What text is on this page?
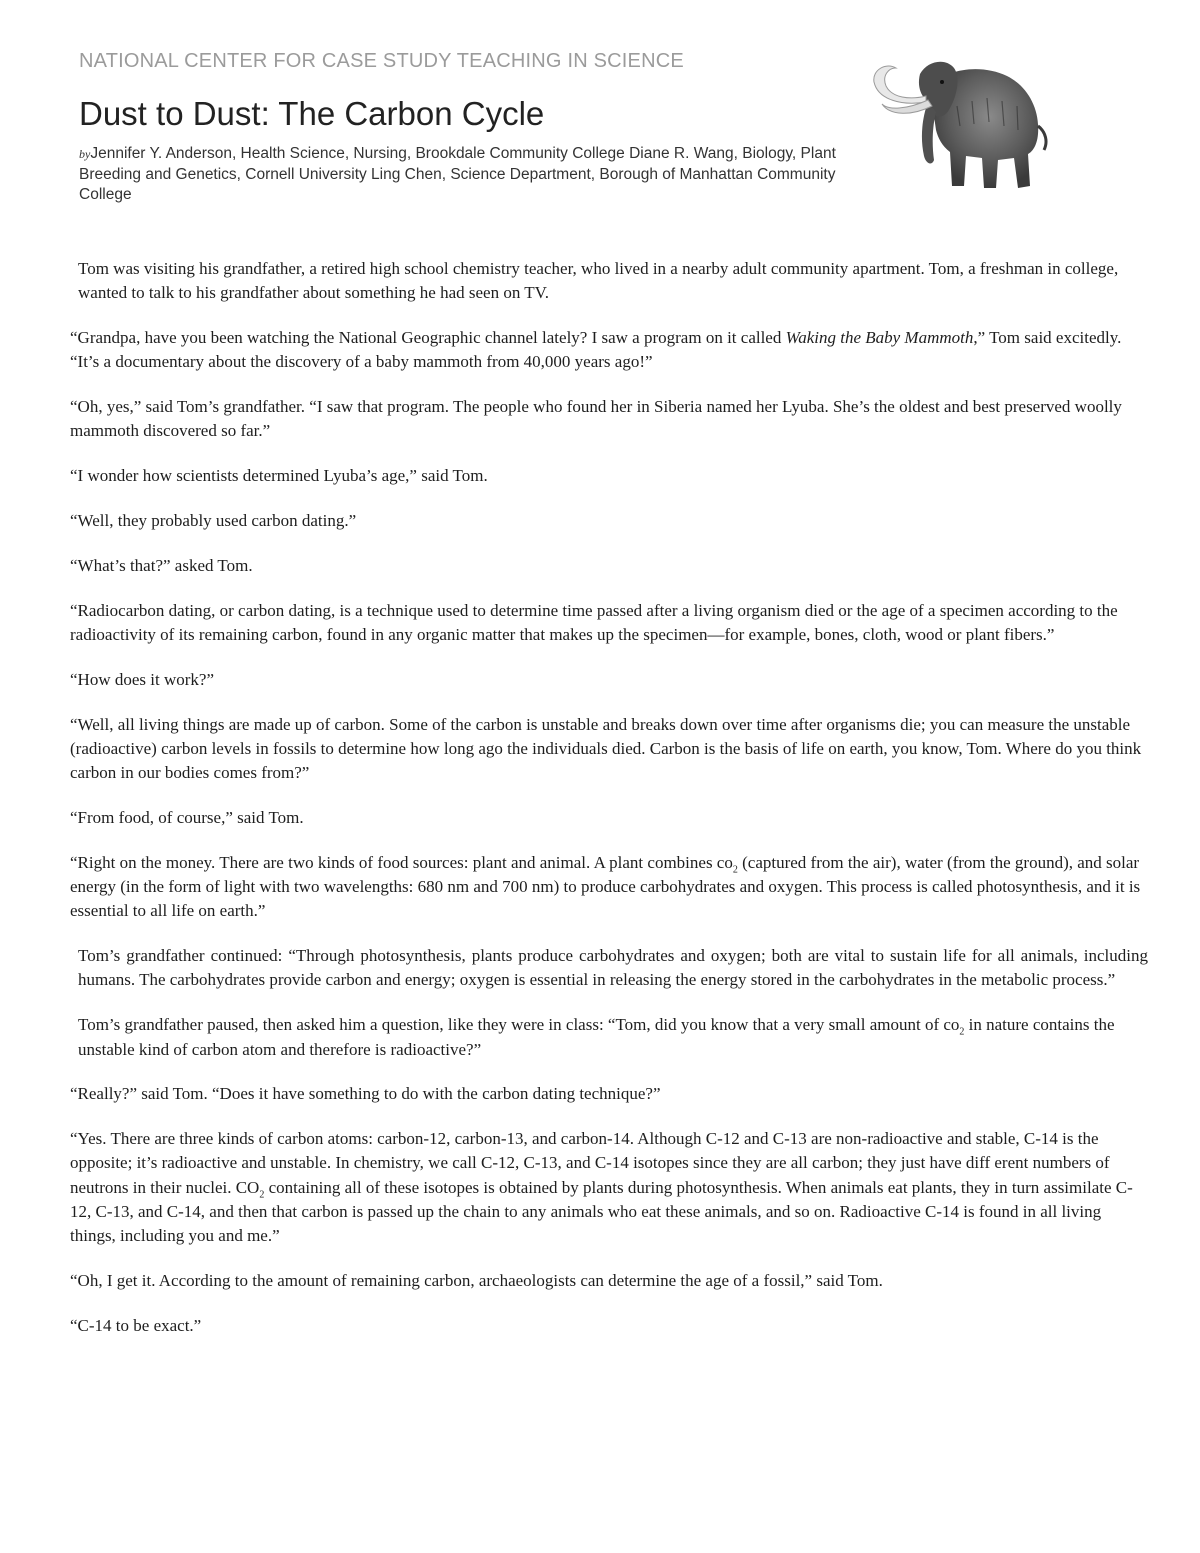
NATIONAL CENTER FOR CASE STUDY TEACHING IN SCIENCE

Dust to Dust: The Carbon Cycle
byJennifer Y. Anderson, Health Science, Nursing, Brookdale Community College Diane R. Wang, Biology, Plant Breeding and Genetics, Cornell University Ling Chen, Science Department, Borough of Manhattan Community College

Tom was visiting his grandfather, a retired high school chemistry teacher, who lived in a nearby adult community apartment. Tom, a freshman in college, wanted to talk to his grandfather about something he had seen on TV.

“Grandpa, have you been watching the National Geographic channel lately? I saw a program on it called Waking the Baby Mammoth,” Tom said excitedly. “It’s a documentary about the discovery of a baby mammoth from 40,000 years ago!”

“Oh, yes,” said Tom’s grandfather. “I saw that program. The people who found her in Siberia named her Lyuba. She’s the oldest and best preserved woolly mammoth discovered so far.”

“I wonder how scientists determined Lyuba’s age,” said Tom.

“Well, they probably used carbon dating.”

“What’s that?” asked Tom.

“Radiocarbon dating, or carbon dating, is a technique used to determine time passed after a living organism died or the age of a specimen according to the radioactivity of its remaining carbon, found in any organic matter that makes up the specimen—for example, bones, cloth, wood or plant fibers.”

“How does it work?”

“Well, all living things are made up of carbon. Some of the carbon is unstable and breaks down over time after organisms die; you can measure the unstable (radioactive) carbon levels in fossils to determine how long ago the individuals died. Carbon is the basis of life on earth, you know, Tom. Where do you think carbon in our bodies comes from?”

“From food, of course,” said Tom.

“Right on the money. There are two kinds of food sources: plant and animal. A plant combines $co_2$ (captured from the air), water (from the ground), and solar energy (in the form of light with two wavelengths: 680 nm and 700 nm) to produce carbohydrates and oxygen. This process is called photosynthesis, and it is essential to all life on earth.”

Tom’s grandfather continued: “Through photosynthesis, plants produce carbohydrates and oxygen; both are vital to sustain life for all animals, including humans. The carbohydrates provide carbon and energy; oxygen is essential in releasing the energy stored in the carbohydrates in the metabolic process.”

Tom’s grandfather paused, then asked him a question, like they were in class: “Tom, did you know that a very small amount of $co_2$ in nature contains the unstable kind of carbon atom and therefore is radioactive?”

“Really?” said Tom. “Does it have something to do with the carbon dating technique?”

“Yes. There are three kinds of carbon atoms: carbon-12, carbon-13, and carbon-14. Although C-12 and C-13 are non-radioactive and stable, C-14 is the opposite; it’s radioactive and unstable. In chemistry, we call C-12, C-13, and C-14 isotopes since they are all carbon; they just have diff erent numbers of neutrons in their nuclei. $CO_2$ containing all of these isotopes is obtained by plants during photosynthesis. When animals eat plants, they in turn assimilate C-12, C-13, and C-14, and then that carbon is passed up the chain to any animals who eat these animals, and so on. Radioactive C-14 is found in all living things, including you and me.”

“Oh, I get it. According to the amount of remaining carbon, archaeologists can determine the age of a fossil,” said Tom.

“C-14 to be exact.”
